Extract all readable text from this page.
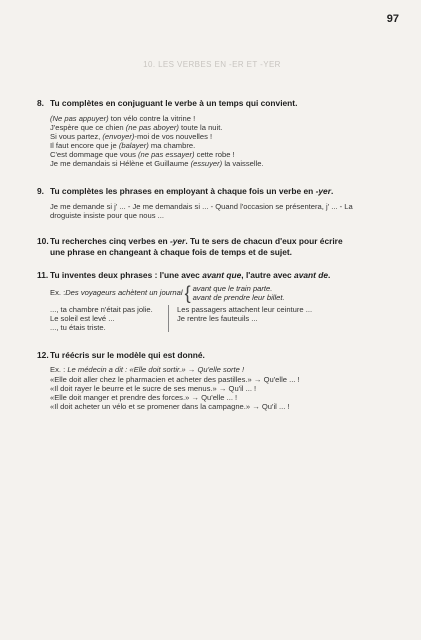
97
10. LES VERBES EN -ER ET -YER
8. Tu complètes en conjuguant le verbe à un temps qui convient.

(Ne pas appuyer) ton vélo contre la vitrine !

J'espère que ce chien (ne pas aboyer) toute la nuit.

Si vous partez, (envoyer)-moi de vos nouvelles !

Il faut encore que je (balayer) ma chambre.

C'est dommage que vous (ne pas essayer) cette robe !

Je me demandais si Hélène et Guillaume (essuyer) la vaisselle.

9. Tu complètes les phrases en employant à chaque fois un verbe en -yer.

Je me demande si j' ... - Je me demandais si ... - Quand l'occasion se présentera, j' ... - La droguiste insiste pour que nous ...

10. Tu recherches cinq verbes en -yer. Tu te sers de chacun d'eux pour écrire
une phrase en changeant à chaque fois de temps et de sujet.
11. Tu inventes deux phrases : l'une avec avant que, l'autre avec avant de.
Ex. : Des voyageurs achètent un journal { avant que le train parte.
avant de prendre leur billet.

..., ta chambre n'était pas jolie.

Le soleil est levé ...

..., tu étais triste.

Les passagers attachent leur ceinture ...

Je rentre les fauteuils ...

12. Tu réécris sur le modèle qui est donné.

Ex. : Le médecin a dit : «Elle doit sortir.» → Qu'elle sorte !

«Elle doit aller chez le pharmacien et acheter des pastilles.» → Qu'elle ... !

«Il doit rayer le beurre et le sucre de ses menus.» → Qu'il ... !

«Elle doit manger et prendre des forces.» → Qu'elle ... !

«Il doit acheter un vélo et se promener dans la campagne.» → Qu'il ... !
